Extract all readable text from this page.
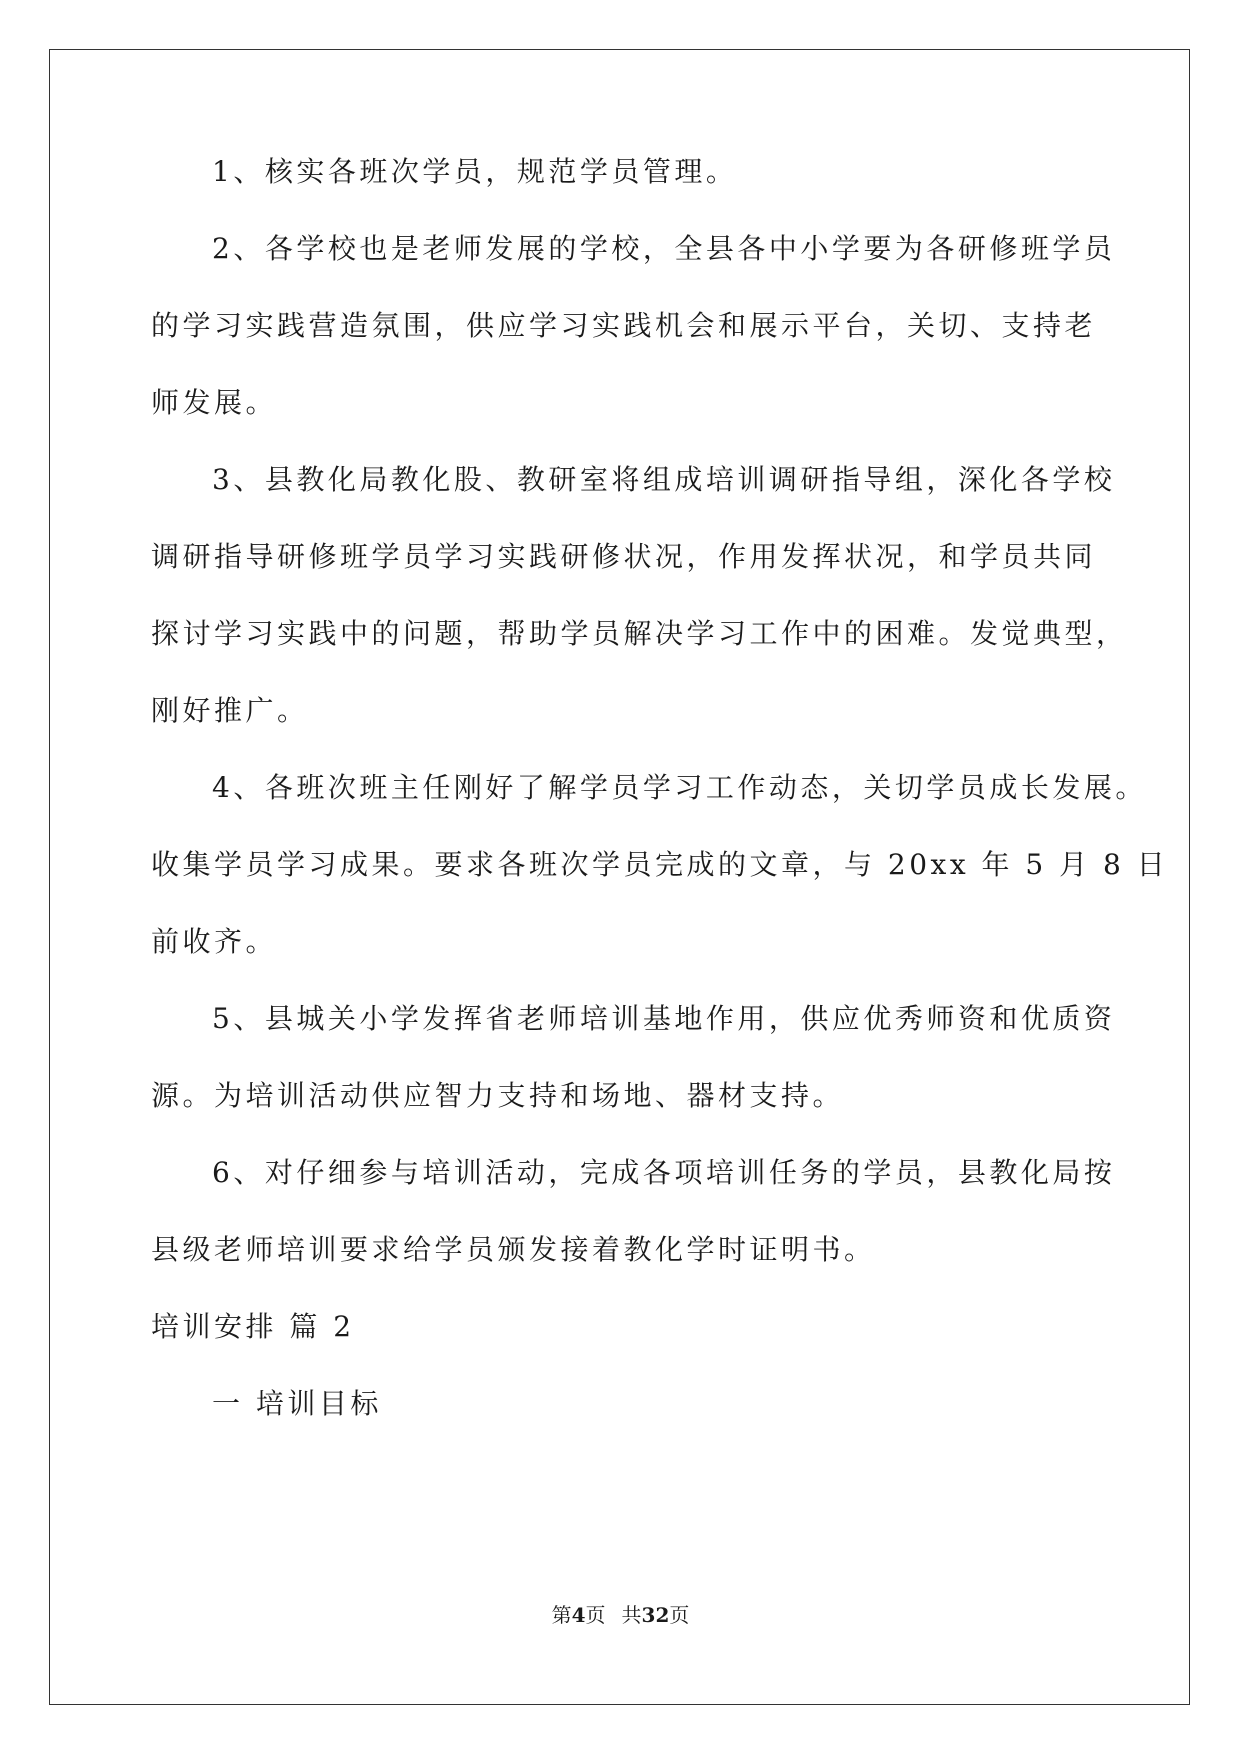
1、核实各班次学员，规范学员管理。
2、各学校也是老师发展的学校，全县各中小学要为各研修班学员
的学习实践营造氛围，供应学习实践机会和展示平台，关切、支持老
师发展。
3、县教化局教化股、教研室将组成培训调研指导组，深化各学校
调研指导研修班学员学习实践研修状况，作用发挥状况，和学员共同
探讨学习实践中的问题，帮助学员解决学习工作中的困难。发觉典型，
刚好推广。
4、各班次班主任刚好了解学员学习工作动态，关切学员成长发展。
收集学员学习成果。要求各班次学员完成的文章，与 20xx 年 5 月 8 日
前收齐。
5、县城关小学发挥省老师培训基地作用，供应优秀师资和优质资
源。为培训活动供应智力支持和场地、器材支持。
6、对仔细参与培训活动，完成各项培训任务的学员，县教化局按
县级老师培训要求给学员颁发接着教化学时证明书。
培训安排 篇 2
一 培训目标
第4页 共32页
